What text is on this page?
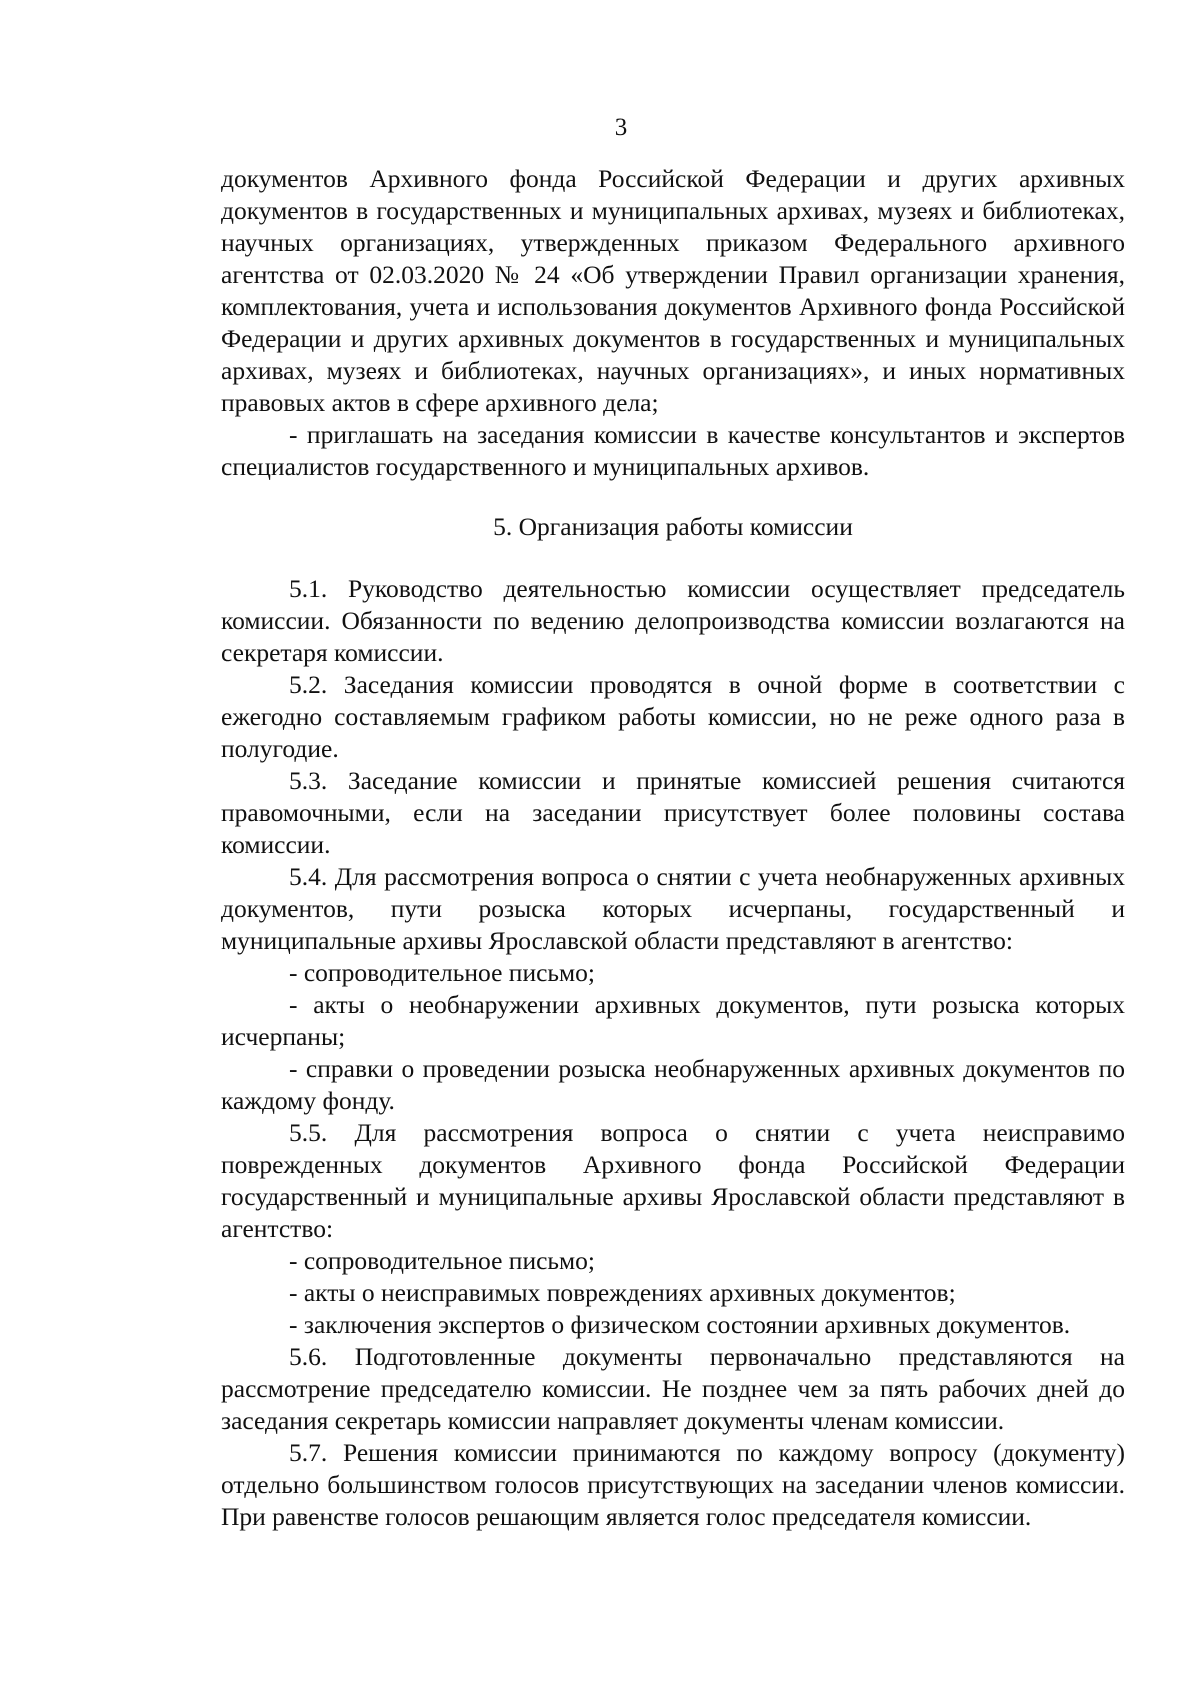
3

документов Архивного фонда Российской Федерации и других архивных документов в государственных и муниципальных архивах, музеях и библиотеках, научных организациях, утвержденных приказом Федерального архивного агентства от 02.03.2020 № 24 «Об утверждении Правил организации хранения, комплектования, учета и использования документов Архивного фонда Российской Федерации и других архивных документов в государственных и муниципальных архивах, музеях и библиотеках, научных организациях», и иных нормативных правовых актов в сфере архивного дела;

- приглашать на заседания комиссии в качестве консультантов и экспертов специалистов государственного и муниципальных архивов.

5. Организация работы комиссии

5.1. Руководство деятельностью комиссии осуществляет председатель комиссии. Обязанности по ведению делопроизводства комиссии возлагаются на секретаря комиссии.

5.2. Заседания комиссии проводятся в очной форме в соответствии с ежегодно составляемым графиком работы комиссии, но не реже одного раза в полугодие.

5.3. Заседание комиссии и принятые комиссией решения считаются правомочными, если на заседании присутствует более половины состава комиссии.

5.4. Для рассмотрения вопроса о снятии с учета необнаруженных архивных документов, пути розыска которых исчерпаны, государственный и муниципальные архивы Ярославской области представляют в агентство:

- сопроводительное письмо;

- акты о необнаружении архивных документов, пути розыска которых исчерпаны;

- справки о проведении розыска необнаруженных архивных документов по каждому фонду.

5.5. Для рассмотрения вопроса о снятии с учета неисправимо поврежденных документов Архивного фонда Российской Федерации государственный и муниципальные архивы Ярославской области представляют в агентство:

- сопроводительное письмо;

- акты о неисправимых повреждениях архивных документов;

- заключения экспертов о физическом состоянии архивных документов.

5.6. Подготовленные документы первоначально представляются на рассмотрение председателю комиссии. Не позднее чем за пять рабочих дней до заседания секретарь комиссии направляет документы членам комиссии.

5.7. Решения комиссии принимаются по каждому вопросу (документу) отдельно большинством голосов присутствующих на заседании членов комиссии. При равенстве голосов решающим является голос председателя комиссии.
